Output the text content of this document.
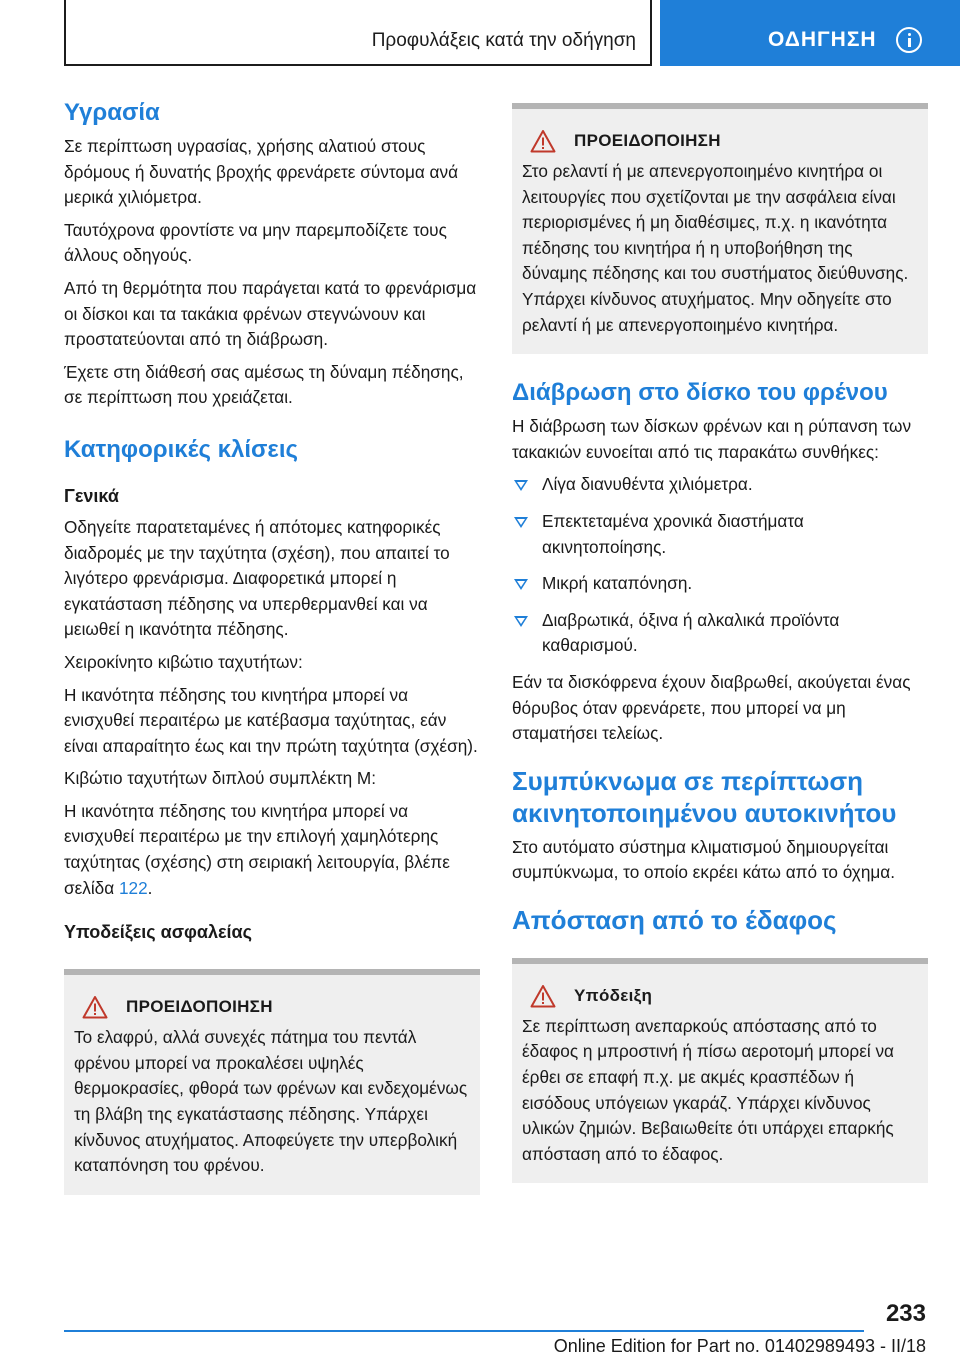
Προφυλάξεις κατά την οδήγηση	ΟΔΗΓΗΣΗ
Υγρασία

Σε περίπτωση υγρασίας, χρήσης αλατιού στους δρόμους ή δυνατής βροχής φρενάρετε σύντομα ανά μερικά χιλιόμετρα.

Ταυτόχρονα φροντίστε να μην παρεμποδίζετε τους άλλους οδηγούς.

Από τη θερμότητα που παράγεται κατά το φρενάρισμα οι δίσκοι και τα τακάκια φρένων στεγνώνουν και προστατεύονται από τη διάβρωση.

Έχετε στη διάθεσή σας αμέσως τη δύναμη πέδησης, σε περίπτωση που χρειάζεται.

Κατηφορικές κλίσεις
Γενικά

Οδηγείτε παρατεταμένες ή απότομες κατηφορικές διαδρομές με την ταχύτητα (σχέση), που απαιτεί το λιγότερο φρενάρισμα. Διαφορετικά μπορεί η εγκατάσταση πέδησης να υπερθερμανθεί και να μειωθεί η ικανότητα πέδησης.

Χειροκίνητο κιβώτιο ταχυτήτων:

Η ικανότητα πέδησης του κινητήρα μπορεί να ενισχυθεί περαιτέρω με κατέβασμα ταχύτητας, εάν είναι απαραίτητο έως και την πρώτη ταχύτητα (σχέση).

Κιβώτιο ταχυτήτων διπλού συμπλέκτη M:

Η ικανότητα πέδησης του κινητήρα μπορεί να ενισχυθεί περαιτέρω με την επιλογή χαμηλότερης ταχύτητας (σχέσης) στη σειριακή λειτουργία, βλέπε σελίδα 122.

Υποδείξεις ασφαλείας
ΠΡΟΕΙΔΟΠΟΙΗΣΗ

Το ελαφρύ, αλλά συνεχές πάτημα του πεντάλ φρένου μπορεί να προκαλέσει υψηλές θερμοκρασίες, φθορά των φρένων και ενδεχομένως τη βλάβη της εγκατάστασης πέδησης. Υπάρχει κίνδυνος ατυχήματος. Αποφεύγετε την υπερβολική καταπόνηση του φρένου.

ΠΡΟΕΙΔΟΠΟΙΗΣΗ

Στο ρελαντί ή με απενεργοποιημένο κινητήρα οι λειτουργίες που σχετίζονται με την ασφάλεια είναι περιορισμένες ή μη διαθέσιμες, π.χ. η ικανότητα πέδησης του κινητήρα ή η υποβοήθηση της δύναμης πέδησης και του συστήματος διεύθυνσης. Υπάρχει κίνδυνος ατυχήματος. Μην οδηγείτε στο ρελαντί ή με απενεργοποιημένο κινητήρα.

Διάβρωση στο δίσκο του φρένου

Η διάβρωση των δίσκων φρένων και η ρύπανση των τακακιών ευνοείται από τις παρακάτω συνθήκες:

Λίγα διανυθέντα χιλιόμετρα.
Επεκτεταμένα χρονικά διαστήματα ακινητοποίησης.
Μικρή καταπόνηση.
Διαβρωτικά, όξινα ή αλκαλικά προϊόντα καθαρισμού.

Εάν τα δισκόφρενα έχουν διαβρωθεί, ακούγεται ένας θόρυβος όταν φρενάρετε, που μπορεί να μη σταματήσει τελείως.

Συμπύκνωμα σε περίπτωση ακινητοποιημένου αυτοκινήτου

Στο αυτόματο σύστημα κλιματισμού δημιουργείται συμπύκνωμα, το οποίο εκρέει κάτω από το όχημα.

Απόσταση από το έδαφος
Υπόδειξη

Σε περίπτωση ανεπαρκούς απόστασης από το έδαφος η μπροστινή ή πίσω αεροτομή μπορεί να έρθει σε επαφή π.χ. με ακμές κρασπέδων ή εισόδους υπόγειων γκαράζ. Υπάρχει κίνδυνος υλικών ζημιών. Βεβαιωθείτε ότι υπάρχει επαρκής απόσταση από το έδαφος.

233
Online Edition for Part no. 01402989493 - II/18
